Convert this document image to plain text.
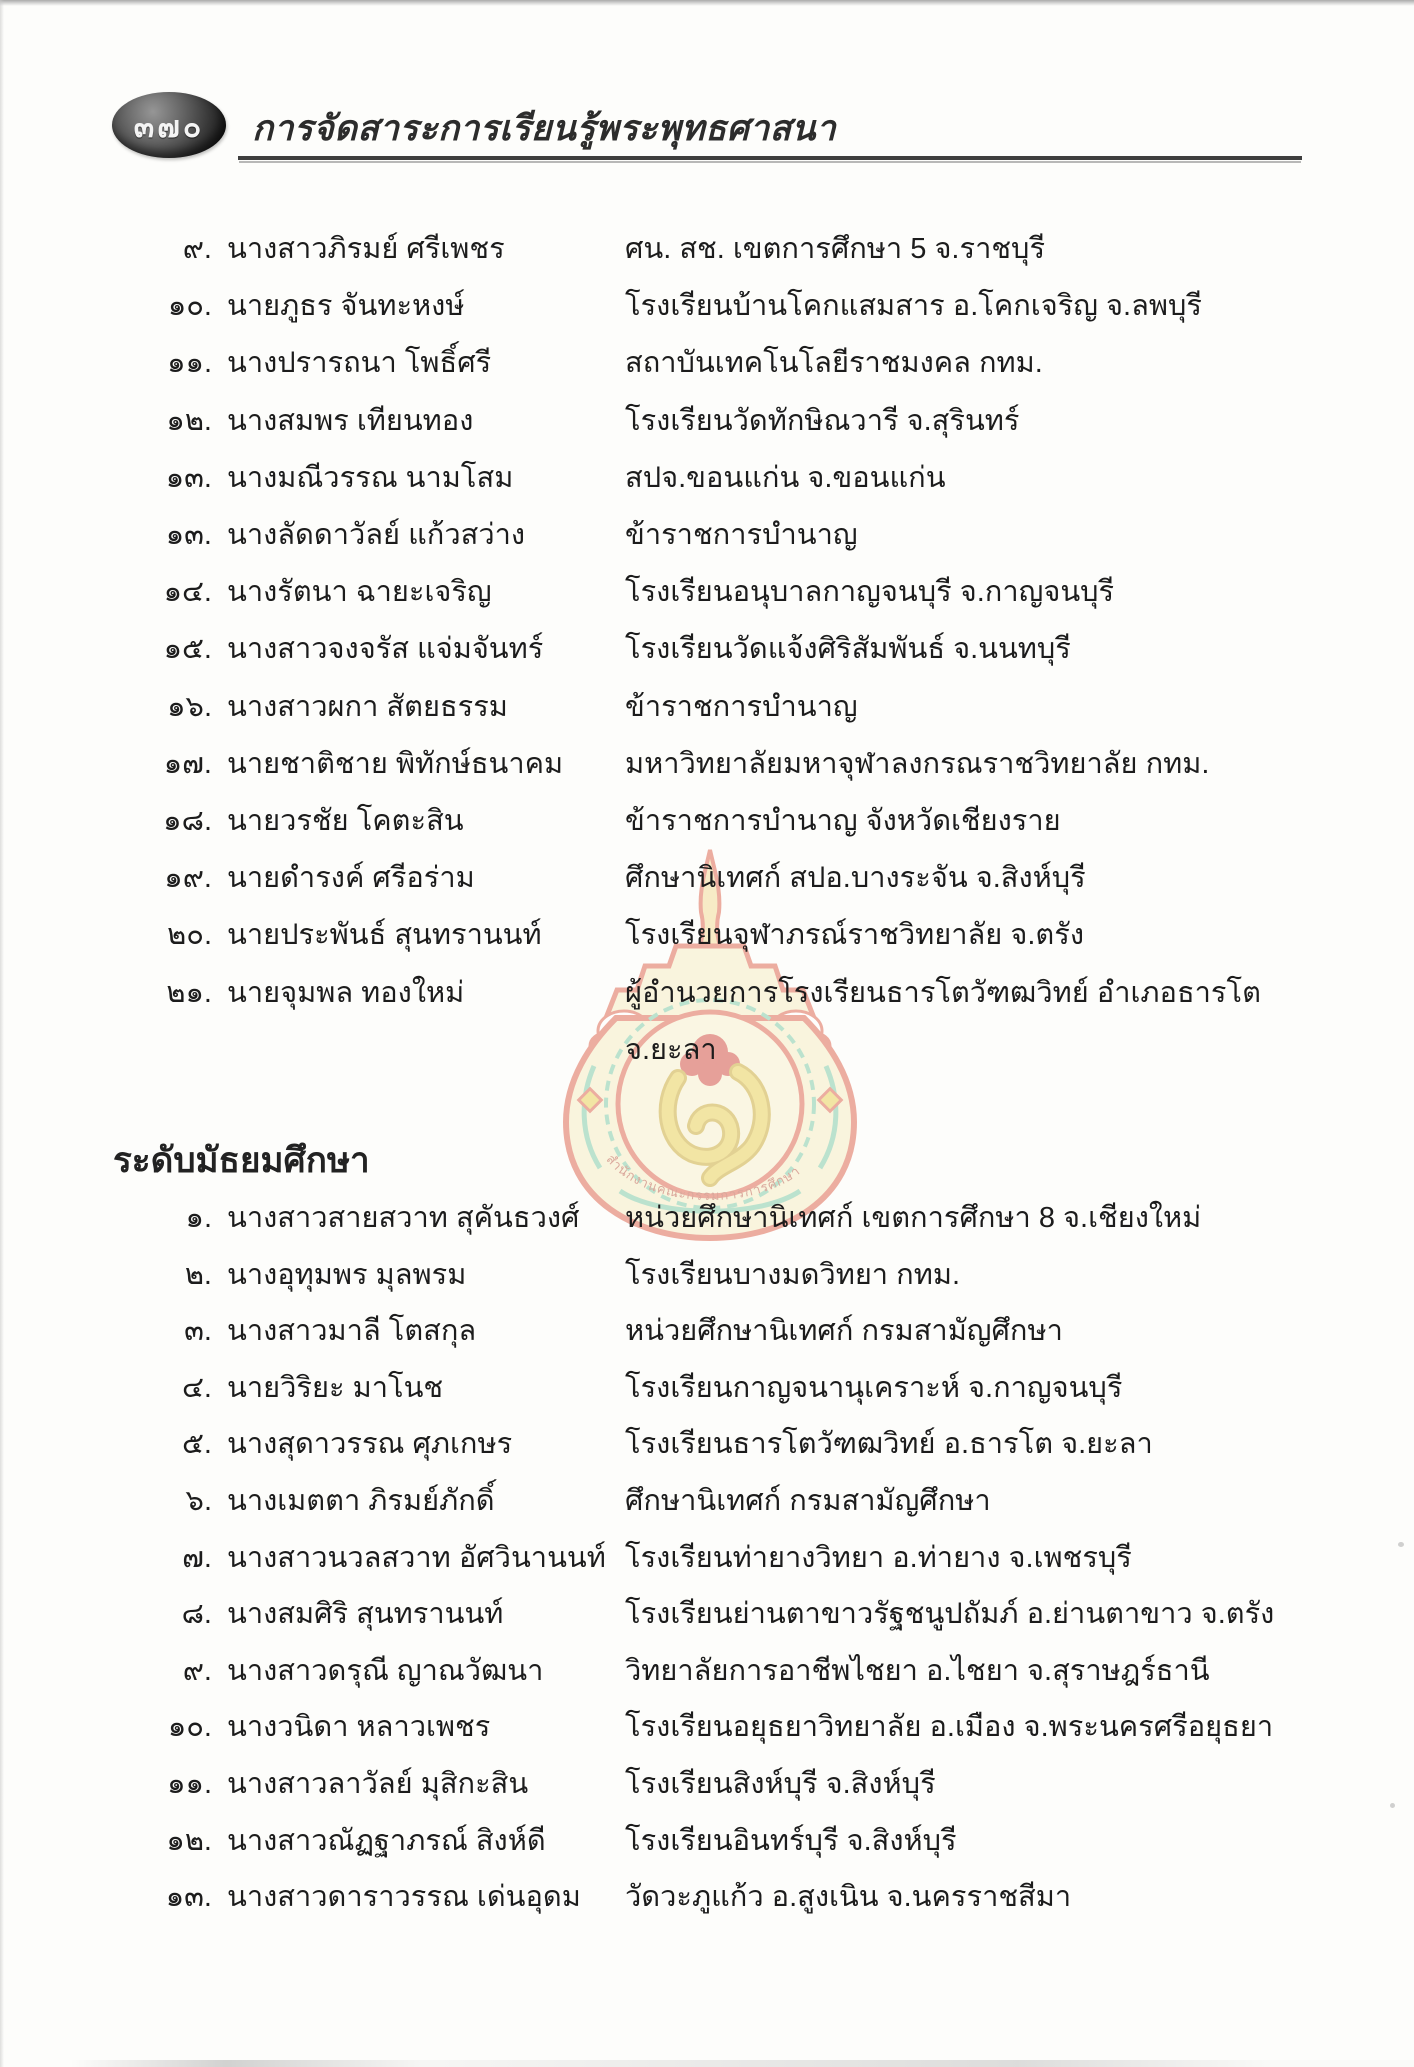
๓๗๐ การจัดสาระการเรียนรู้พระพุทธศาสนา
สำนักงานคณะกรรมการการศึกษา
๙. นางสาวภิรมย์ ศรีเพชร	ศน. สช. เขตการศึกษา 5 จ.ราชบุรี
๑๐. นายภูธร จันทะหงษ์	โรงเรียนบ้านโคกแสมสาร อ.โคกเจริญ จ.ลพบุรี
๑๑. นางปรารถนา โพธิ์ศรี	สถาบันเทคโนโลยีราชมงคล กทม.
๑๒. นางสมพร เทียนทอง	โรงเรียนวัดทักษิณวารี จ.สุรินทร์
๑๓. นางมณีวรรณ นามโสม	สปจ.ขอนแก่น จ.ขอนแก่น
๑๓. นางลัดดาวัลย์ แก้วสว่าง	ข้าราชการบำนาญ
๑๔. นางรัตนา ฉายะเจริญ	โรงเรียนอนุบาลกาญจนบุรี จ.กาญจนบุรี
๑๕. นางสาวจงจรัส แจ่มจันทร์	โรงเรียนวัดแจ้งศิริสัมพันธ์ จ.นนทบุรี
๑๖. นางสาวผกา สัตยธรรม	ข้าราชการบำนาญ
๑๗. นายชาติชาย พิทักษ์ธนาคม	มหาวิทยาลัยมหาจุฬาลงกรณราชวิทยาลัย กทม.
๑๘. นายวรชัย โคตะสิน	ข้าราชการบำนาญ จังหวัดเชียงราย
๑๙. นายดำรงค์ ศรีอร่าม	ศึกษานิเทศก์ สปอ.บางระจัน จ.สิงห์บุรี
๒๐. นายประพันธ์ สุนทรานนท์	โรงเรียนจุฬาภรณ์ราชวิทยาลัย จ.ตรัง
๒๑. นายจุมพล ทองใหม่	ผู้อำนวยการโรงเรียนธารโตวัฑฒวิทย์ อำเภอธารโต
จ.ยะลา
ระดับมัธยมศึกษา
๑. นางสาวสายสวาท สุคันธวงศ์	หน่วยศึกษานิเทศก์ เขตการศึกษา 8 จ.เชียงใหม่
๒. นางอุทุมพร มุลพรม	โรงเรียนบางมดวิทยา กทม.
๓. นางสาวมาลี โตสกุล	หน่วยศึกษานิเทศก์ กรมสามัญศึกษา
๔. นายวิริยะ มาโนช	โรงเรียนกาญจนานุเคราะห์ จ.กาญจนบุรี
๕. นางสุดาวรรณ ศุภเกษร	โรงเรียนธารโตวัฑฒวิทย์ อ.ธารโต จ.ยะลา
๖. นางเมตตา ภิรมย์ภักดิ์	ศึกษานิเทศก์ กรมสามัญศึกษา
๗. นางสาวนวลสวาท อัศวินานนท์ โรงเรียนท่ายางวิทยา อ.ท่ายาง จ.เพชรบุรี
๘. นางสมศิริ สุนทรานนท์	โรงเรียนย่านตาขาวรัฐชนูปถัมภ์ อ.ย่านตาขาว จ.ตรัง
๙. นางสาวดรุณี ญาณวัฒนา	วิทยาลัยการอาชีพไชยา อ.ไชยา จ.สุราษฎร์ธานี
๑๐. นางวนิดา หลาวเพชร	โรงเรียนอยุธยาวิทยาลัย อ.เมือง จ.พระนครศรีอยุธยา
๑๑. นางสาวลาวัลย์ มุสิกะสิน	โรงเรียนสิงห์บุรี จ.สิงห์บุรี
๑๒. นางสาวณัฏฐาภรณ์ สิงห์ดี	โรงเรียนอินทร์บุรี จ.สิงห์บุรี
๑๓. นางสาวดาราวรรณ เด่นอุดม	วัดวะภูแก้ว อ.สูงเนิน จ.นครราชสีมา
